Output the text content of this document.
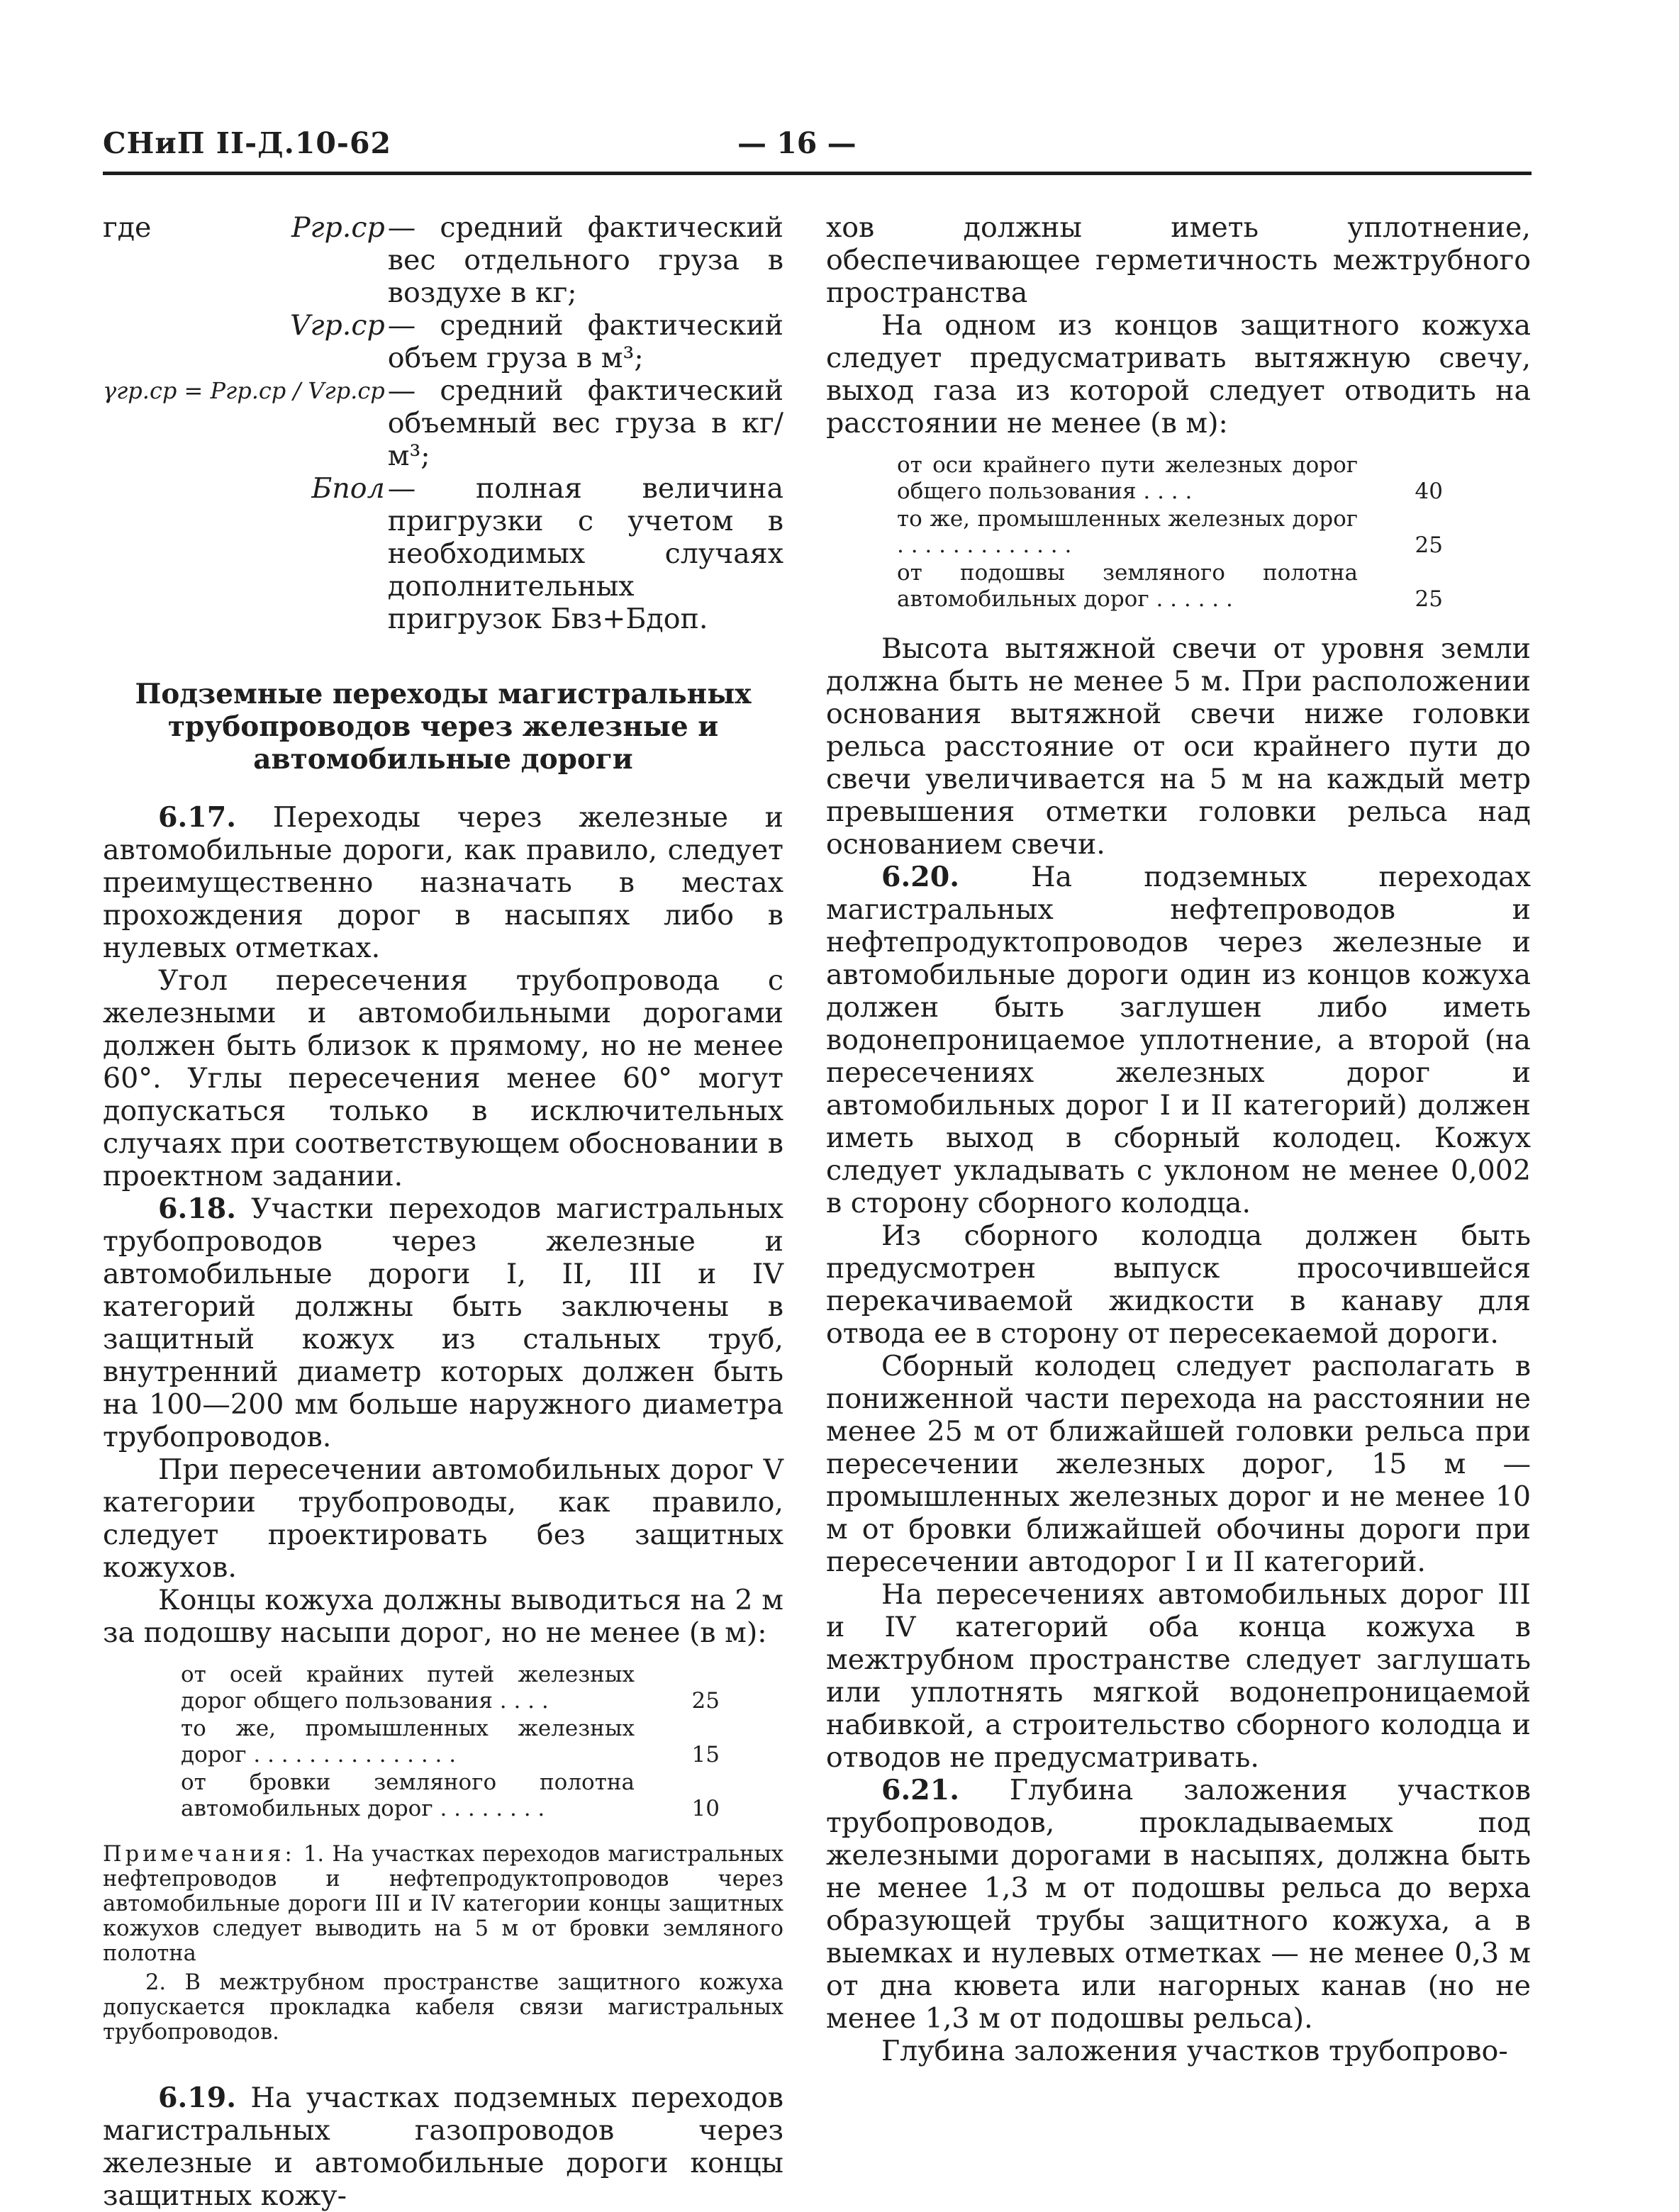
СНиП II-Д.10-62	— 16 —
где	Pгр.ср	— средний фактический вес отдельного груза в воздухе в кг;
	Vгр.ср	— средний фактический объем груза в м³;
γгр.ср = Pгр.ср / Vгр.ср		— средний фактический объемный вес груза в кг/м³;
	Бпол	— полная величина пригрузки с учетом в необходимых случаях дополнительных пригрузок Бвз+Бдоп.
Подземные переходы магистральных трубопроводов через железные и автомобильные дороги

6.17. Переходы через железные и автомобильные дороги, как правило, следует преимущественно назначать в местах прохождения дорог в насыпях либо в нулевых отметках.

Угол пересечения трубопровода с железными и автомобильными дорогами должен быть близок к прямому, но не менее 60°. Углы пересечения менее 60° могут допускаться только в исключительных случаях при соответствующем обосновании в проектном задании.

6.18. Участки переходов магистральных трубопроводов через железные и автомобильные дороги I, II, III и IV категорий должны быть заключены в защитный кожух из стальных труб, внутренний диаметр которых должен быть на 100—200 мм больше наружного диаметра трубопроводов.

При пересечении автомобильных дорог V категории трубопроводы, как правило, следует проектировать без защитных кожухов.

Концы кожуха должны выводиться на 2 м за подошву насыпи дорог, но не менее (в м):

от осей крайних путей железных дорог общего пользования . . . .	25
то же, промышленных железных дорог . . . . . . . . . . . . . . .	15
от бровки земляного полотна автомобильных дорог . . . . . . . .	10

Примечания: 1. На участках переходов магистральных нефтепроводов и нефтепродуктопроводов через автомобильные дороги III и IV категории концы защитных кожухов следует выводить на 5 м от бровки земляного полотна

2. В межтрубном пространстве защитного кожуха допускается прокладка кабеля связи магистральных трубопроводов.

6.19. На участках подземных переходов магистральных газопроводов через железные и автомобильные дороги концы защитных кожу-

хов должны иметь уплотнение, обеспечивающее герметичность межтрубного пространства

На одном из концов защитного кожуха следует предусматривать вытяжную свечу, выход газа из которой следует отводить на расстоянии не менее (в м):

от оси крайнего пути железных дорог общего пользования . . . .	40
то же, промышленных железных дорог . . . . . . . . . . . . .	25
от подошвы земляного полотна автомобильных дорог . . . . . .	25

Высота вытяжной свечи от уровня земли должна быть не менее 5 м. При расположении основания вытяжной свечи ниже головки рельса расстояние от оси крайнего пути до свечи увеличивается на 5 м на каждый метр превышения отметки головки рельса над основанием свечи.

6.20.	На подземных переходах магистральных нефтепроводов и нефтепродуктопроводов через железные и автомобильные дороги один из концов кожуха должен быть заглушен либо иметь водонепроницаемое уплотнение, а второй (на пересечениях железных дорог и автомобильных дорог I и II категорий) должен иметь выход в сборный колодец. Кожух следует укладывать с уклоном не менее 0,002 в сторону сборного колодца.

Из сборного колодца должен быть предусмотрен выпуск просочившейся перекачиваемой жидкости в канаву для отвода ее в сторону от пересекаемой дороги.

Сборный колодец следует располагать в пониженной части перехода на расстоянии не менее 25 м от ближайшей головки рельса при пересечении железных дорог, 15 м — промышленных железных дорог и не менее 10 м от бровки ближайшей обочины дороги при пересечении автодорог I и II категорий.

На пересечениях автомобильных дорог III и IV категорий оба конца кожуха в межтрубном пространстве следует заглушать или уплотнять мягкой водонепроницаемой набивкой, а строительство сборного колодца и отводов не предусматривать.

6.21. Глубина заложения участков трубопроводов, прокладываемых под железными дорогами в насыпях, должна быть не менее 1,3 м от подошвы рельса до верха образующей трубы защитного кожуха, а в выемках и нулевых отметках — не менее 0,3 м от дна кювета или нагорных канав (но не менее 1,3 м от подошвы рельса).

Глубина заложения участков трубопрово-
